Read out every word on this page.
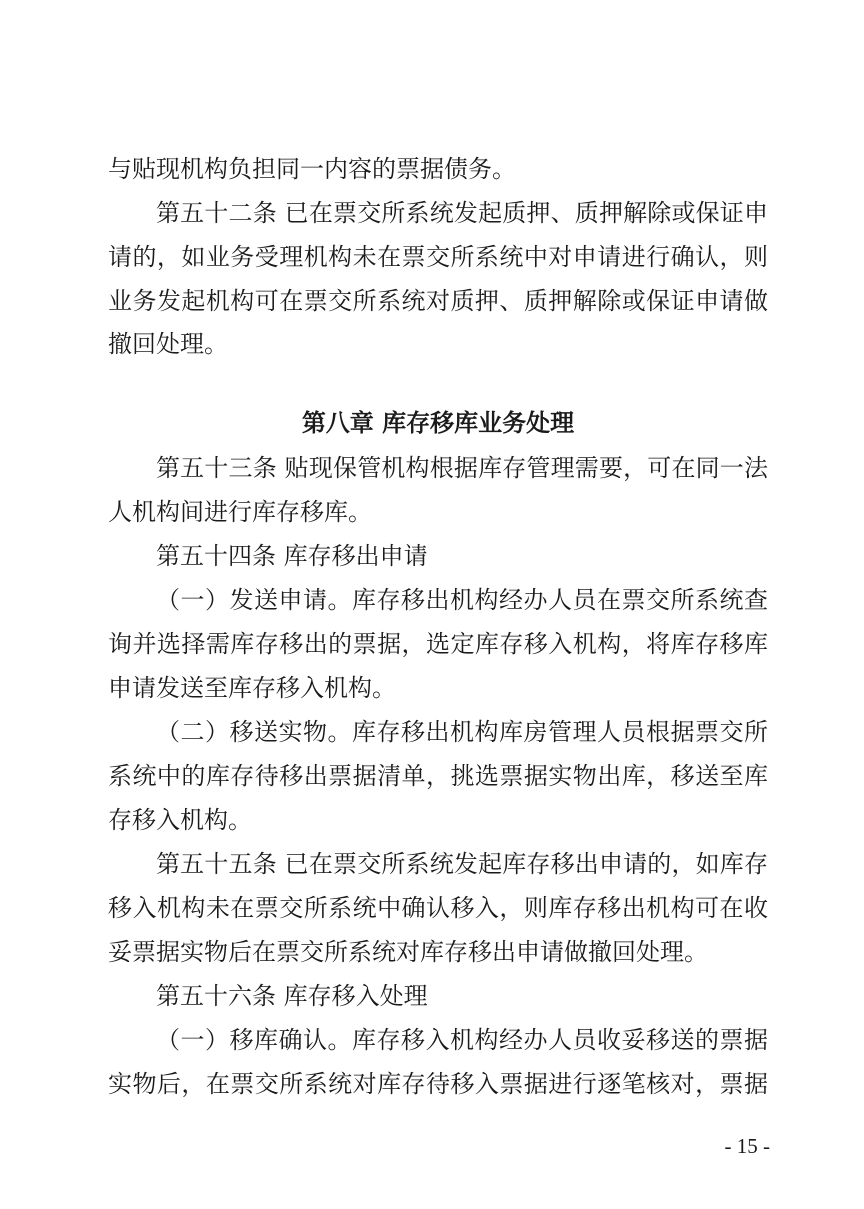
与贴现机构负担同一内容的票据债务。
第五十二条 已在票交所系统发起质押、质押解除或保证申
请的，如业务受理机构未在票交所系统中对申请进行确认，则
业务发起机构可在票交所系统对质押、质押解除或保证申请做
撤回处理。
第八章 库存移库业务处理
第五十三条 贴现保管机构根据库存管理需要，可在同一法
人机构间进行库存移库。
第五十四条 库存移出申请
（一）发送申请。库存移出机构经办人员在票交所系统查
询并选择需库存移出的票据，选定库存移入机构，将库存移库
申请发送至库存移入机构。
（二）移送实物。库存移出机构库房管理人员根据票交所
系统中的库存待移出票据清单，挑选票据实物出库，移送至库
存移入机构。
第五十五条 已在票交所系统发起库存移出申请的，如库存
移入机构未在票交所系统中确认移入，则库存移出机构可在收
妥票据实物后在票交所系统对库存移出申请做撤回处理。
第五十六条 库存移入处理
（一）移库确认。库存移入机构经办人员收妥移送的票据
实物后，在票交所系统对库存待移入票据进行逐笔核对，票据
- 15 -
